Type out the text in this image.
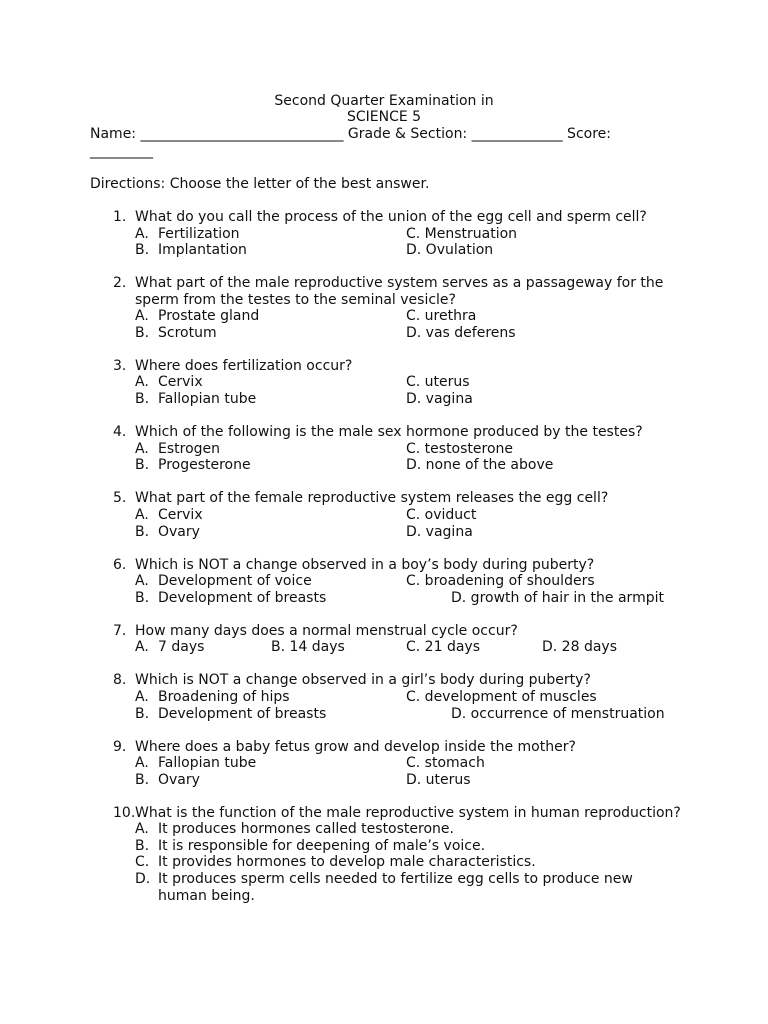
Second Quarter Examination in
SCIENCE 5
Name: _____________________________ Grade & Section: _____________ Score:
_________
Directions: Choose the letter of the best answer.
1. What do you call the process of the union of the egg cell and sperm cell?
A. Fertilization
B. Implantation
C. Menstruation
D. Ovulation
2. What part of the male reproductive system serves as a passageway for the
sperm from the testes to the seminal vesicle?
A. Prostate gland
B. Scrotum
C. urethra
D. vas deferens
3. Where does fertilization occur?
A. Cervix
B. Fallopian tube
C. uterus
D. vagina
4. Which of the following is the male sex hormone produced by the testes?
A. Estrogen
B. Progesterone
C. testosterone
D. none of the above
5. What part of the female reproductive system releases the egg cell?
A. Cervix
B. Ovary
C. oviduct
D. vagina
6. Which is NOT a change observed in a boy’s body during puberty?
A. Development of voice
B. Development of breasts
C. broadening of shoulders
D. growth of hair in the armpit
7. How many days does a normal menstrual cycle occur?
A. 7 days	B. 14 days	C. 21 days	D. 28 days
8. Which is NOT a change observed in a girl’s body during puberty?
A. Broadening of hips
B. Development of breasts
C. development of muscles
D. occurrence of menstruation
9. Where does a baby fetus grow and develop inside the mother?
A. Fallopian tube
B. Ovary
C. stomach
D. uterus
10. What is the function of the male reproductive system in human reproduction?
A. It produces hormones called testosterone.
B. It is responsible for deepening of male’s voice.
C. It provides hormones to develop male characteristics.
D. It produces sperm cells needed to fertilize egg cells to produce new
human being.
